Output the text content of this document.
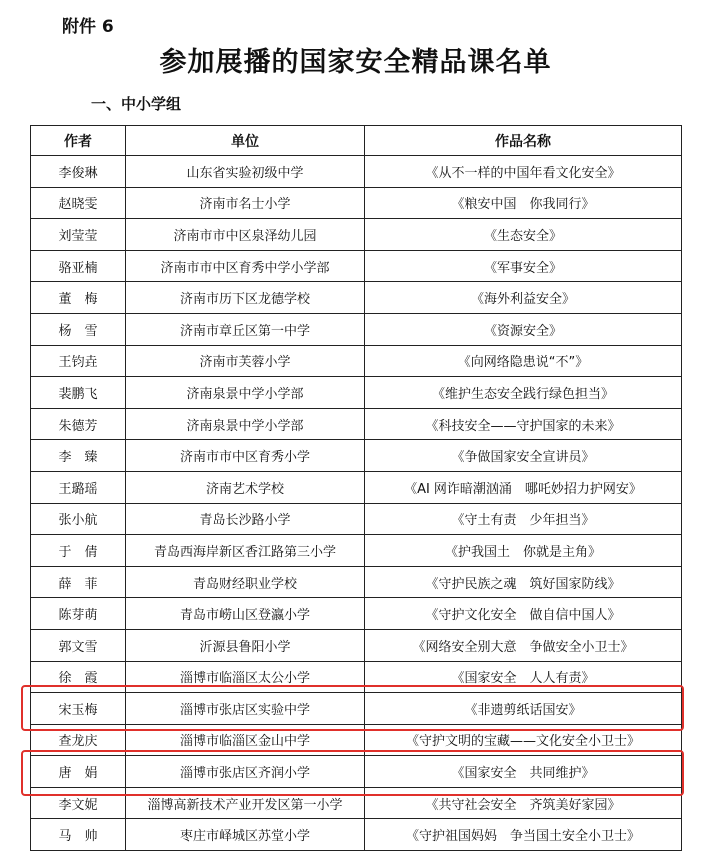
附件 6
参加展播的国家安全精品课名单
一、中小学组
作者	单位	作品名称
李俊琳	山东省实验初级中学	《从不一样的中国年看文化安全》
赵晓雯	济南市名士小学	《粮安中国　你我同行》
刘莹莹	济南市市中区泉泽幼儿园	《生态安全》
骆亚楠	济南市市中区育秀中学小学部	《军事安全》
董　梅	济南市历下区龙德学校	《海外利益安全》
杨　雪	济南市章丘区第一中学	《资源安全》
王钧垚	济南市芙蓉小学	《向网络隐患说“不”》
裴鹏飞	济南泉景中学小学部	《维护生态安全践行绿色担当》
朱德芳	济南泉景中学小学部	《科技安全——守护国家的未来》
李　臻	济南市市中区育秀小学	《争做国家安全宣讲员》
王璐瑶	济南艺术学校	《AI 网诈暗潮汹涌　哪吒妙招力护网安》
张小航	青岛长沙路小学	《守土有责　少年担当》
于　倩	青岛西海岸新区香江路第三小学	《护我国土　你就是主角》
薛　菲	青岛财经职业学校	《守护民族之魂　筑好国家防线》
陈芽萌	青岛市崂山区登瀛小学	《守护文化安全　做自信中国人》
郭文雪	沂源县鲁阳小学	《网络安全别大意　争做安全小卫士》
徐　霞	淄博市临淄区太公小学	《国家安全　人人有责》
宋玉梅	淄博市张店区实验中学	《非遗剪纸话国安》
查龙庆	淄博市临淄区金山中学	《守护文明的宝藏——文化安全小卫士》
唐　娟	淄博市张店区齐润小学	《国家安全　共同维护》
李文妮	淄博高新技术产业开发区第一小学	《共守社会安全　齐筑美好家园》
马　帅	枣庄市峄城区苏堂小学	《守护祖国妈妈　争当国土安全小卫士》
